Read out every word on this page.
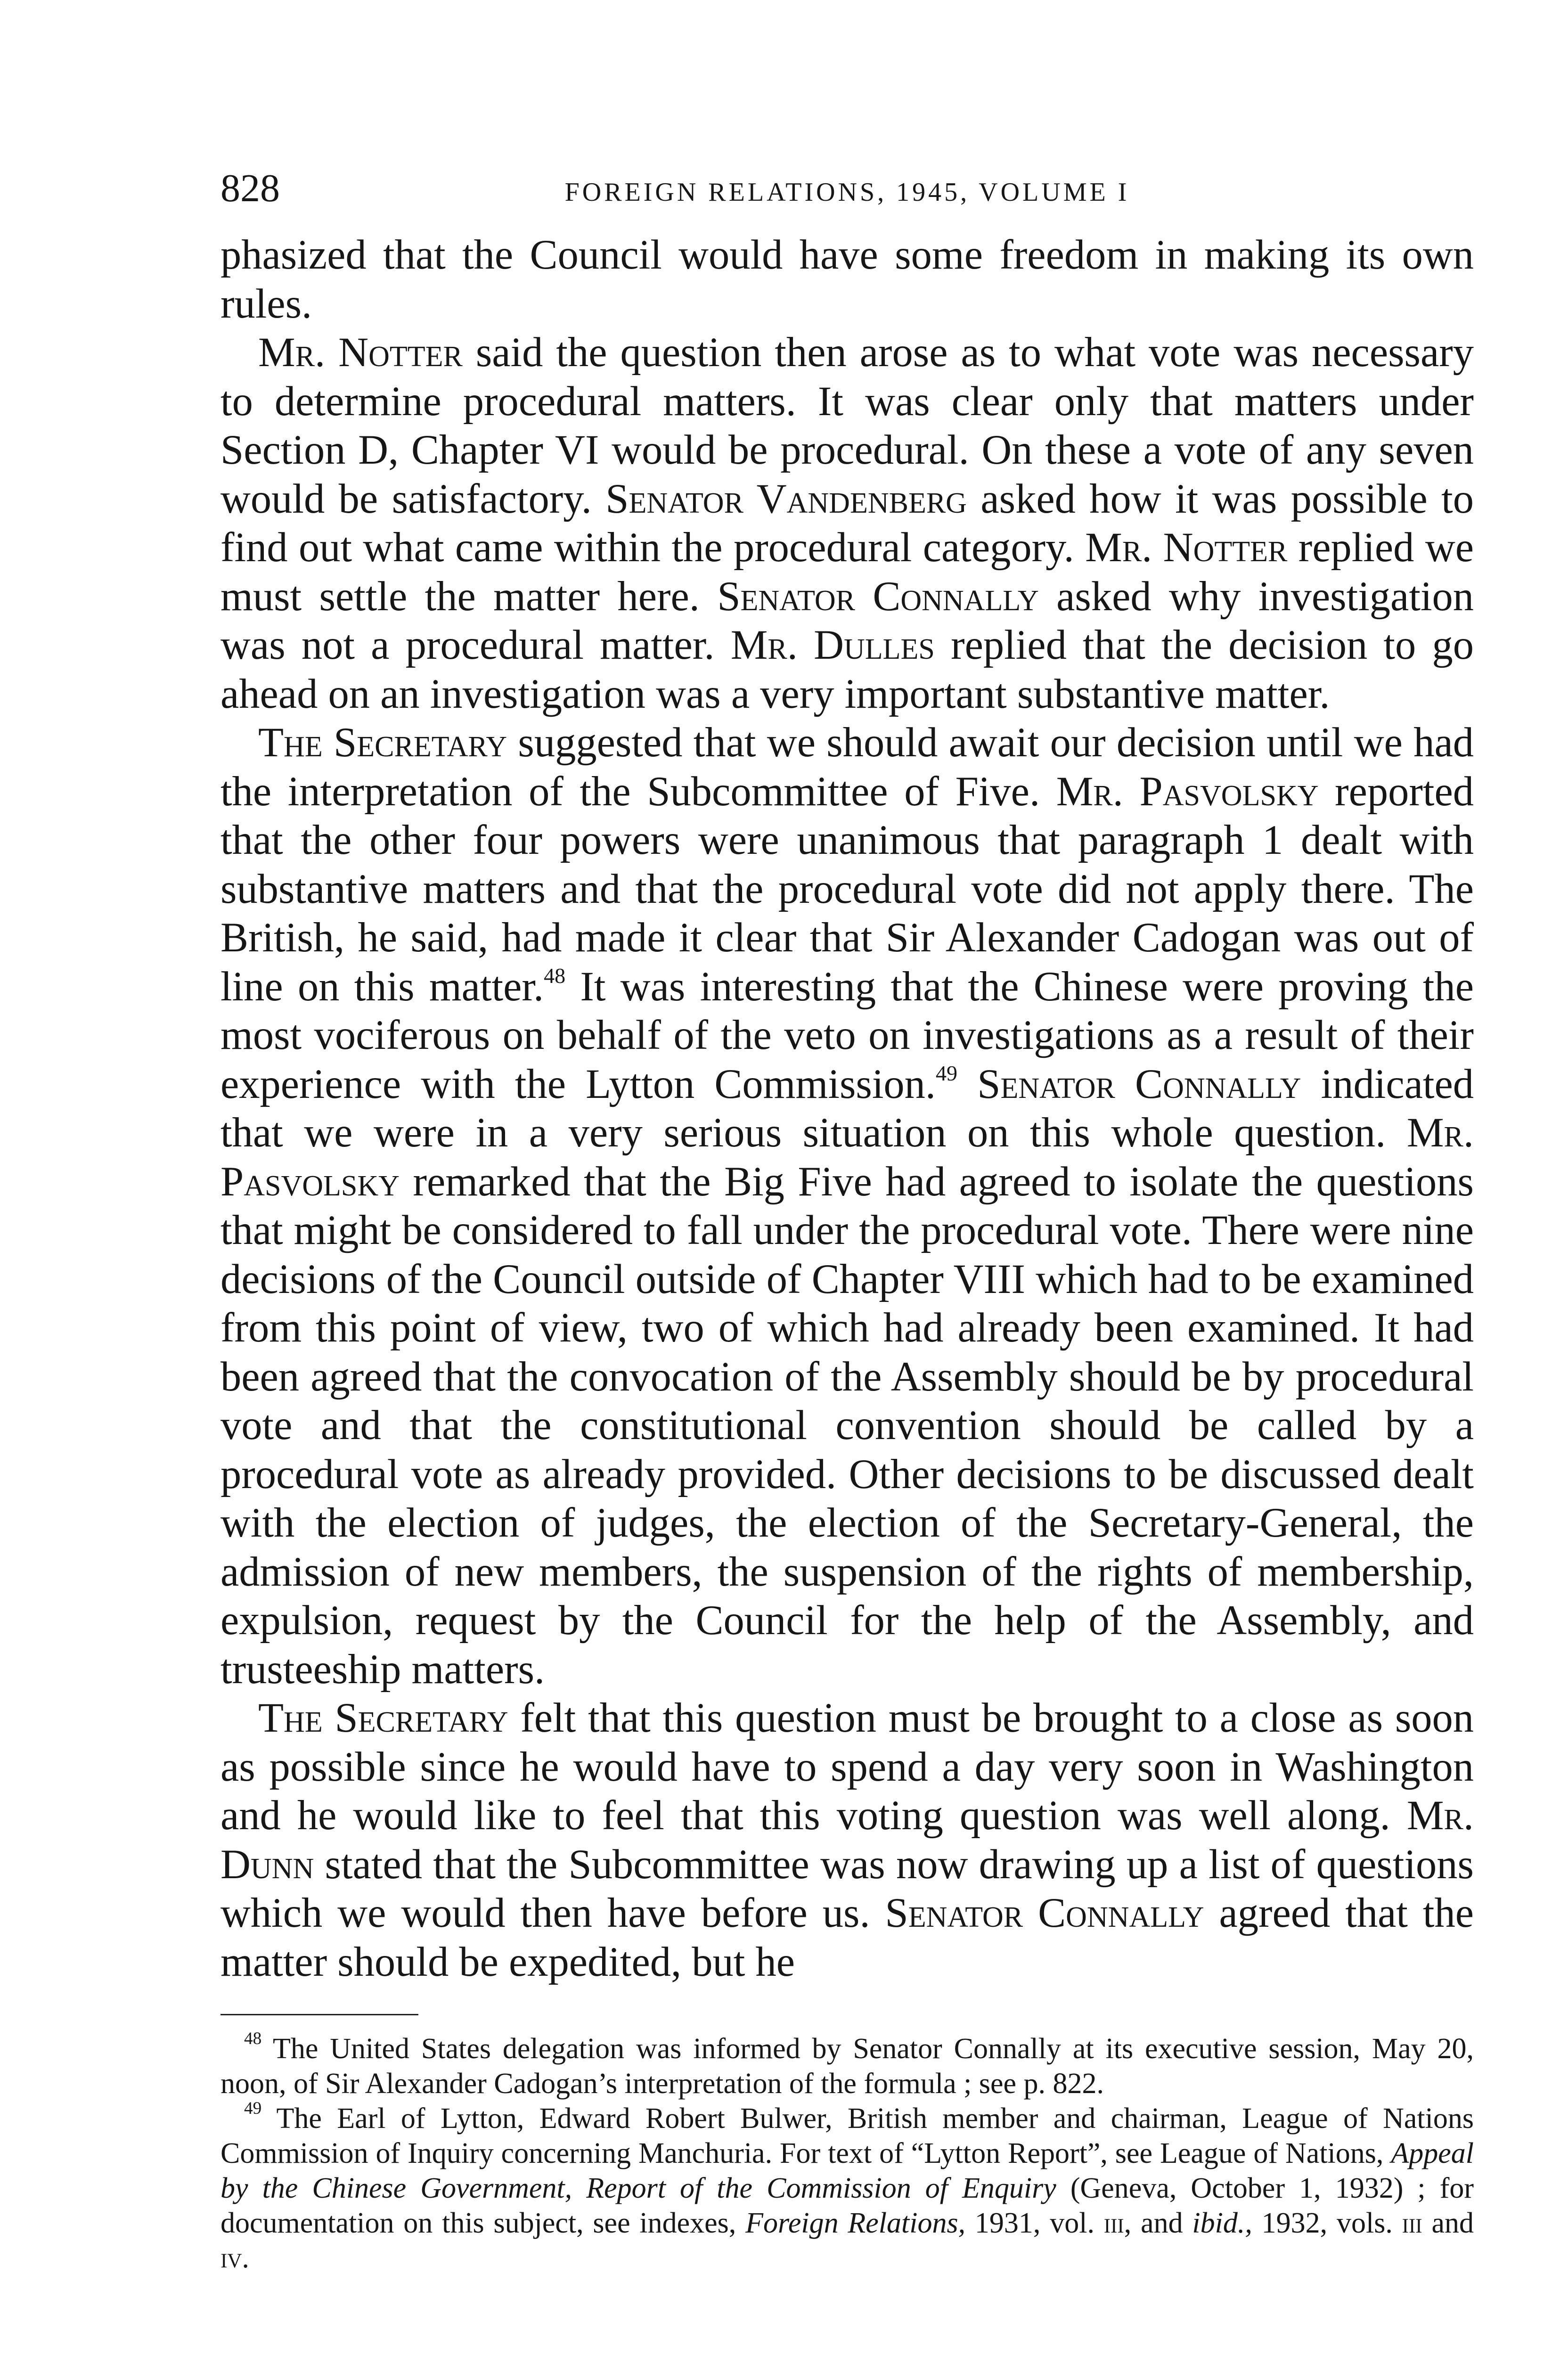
828	FOREIGN RELATIONS, 1945, VOLUME I

phasized that the Council would have some freedom in making its own rules.

Mr. Notter said the question then arose as to what vote was necessary to determine procedural matters. It was clear only that matters under Section D, Chapter VI would be procedural. On these a vote of any seven would be satisfactory. Senator Vandenberg asked how it was possible to find out what came within the procedural category. Mr. Notter replied we must settle the matter here. Senator Connally asked why investigation was not a procedural matter. Mr. Dulles replied that the decision to go ahead on an investigation was a very important substantive matter.

The Secretary suggested that we should await our decision until we had the interpretation of the Subcommittee of Five. Mr. Pasvolsky reported that the other four powers were unanimous that paragraph 1 dealt with substantive matters and that the procedural vote did not apply there. The British, he said, had made it clear that Sir Alexander Cadogan was out of line on this matter.$^{48}$ It was interesting that the Chinese were proving the most vociferous on behalf of the veto on investigations as a result of their experience with the Lytton Commission.$^{49}$ Senator Connally indicated that we were in a very serious situation on this whole question. Mr. Pasvolsky remarked that the Big Five had agreed to isolate the questions that might be considered to fall under the procedural vote. There were nine decisions of the Council outside of Chapter VIII which had to be examined from this point of view, two of which had already been examined. It had been agreed that the convocation of the Assembly should be by procedural vote and that the constitutional convention should be called by a procedural vote as already provided. Other decisions to be discussed dealt with the election of judges, the election of the Secretary-General, the admission of new members, the suspension of the rights of membership, expulsion, request by the Council for the help of the Assembly, and trusteeship matters.

The Secretary felt that this question must be brought to a close as soon as possible since he would have to spend a day very soon in Washington and he would like to feel that this voting question was well along. Mr. Dunn stated that the Subcommittee was now drawing up a list of questions which we would then have before us. Senator Connally agreed that the matter should be expedited, but he

$^{48}$ The United States delegation was informed by Senator Connally at its executive session, May 20, noon, of Sir Alexander Cadogan’s interpretation of the formula ; see p. 822.

$^{49}$ The Earl of Lytton, Edward Robert Bulwer, British member and chairman, League of Nations Commission of Inquiry concerning Manchuria. For text of “Lytton Report”, see League of Nations, Appeal by the Chinese Government, Report of the Commission of Enquiry (Geneva, October 1, 1932) ; for documentation on this subject, see indexes, Foreign Relations, 1931, vol. iii, and ibid., 1932, vols. iii and iv.
